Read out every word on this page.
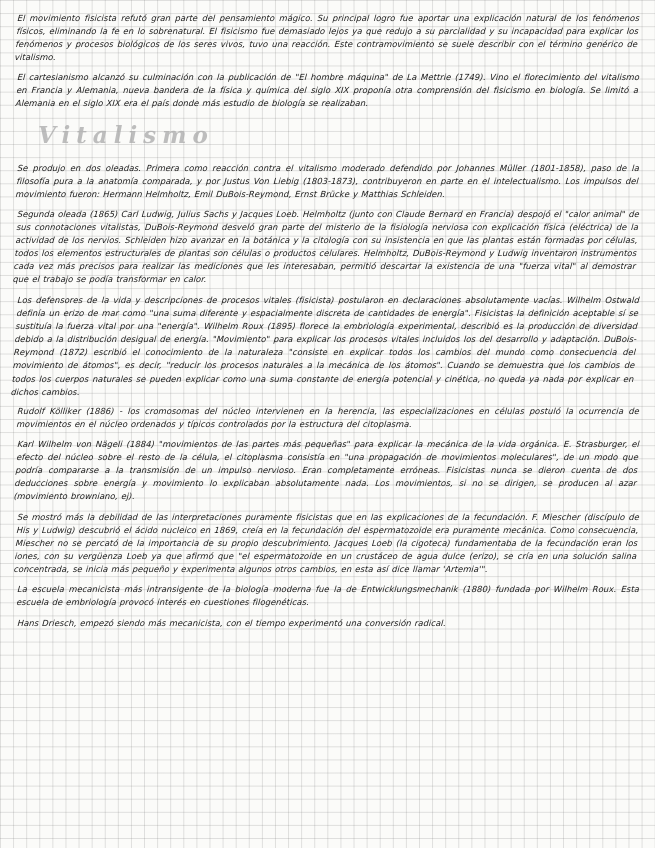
El movimiento fisicista refutó gran parte del pensamiento mágico. Su principal logro fue aportar una explicación natural de los fenómenos físicos, eliminando la fe en lo sobrenatural. El fisicismo fue demasiado lejos ya que redujo a su parcialidad y su incapacidad para explicar los fenómenos y procesos biológicos de los seres vivos, tuvo una reacción. Este contramovimiento se suele describir con el término genérico de vitalismo.

El cartesianismo alcanzó su culminación con la publicación de "El hombre máquina" de La Mettrie (1749). Vino el florecimiento del vitalismo en Francia y Alemania, nueva bandera de la física y química del siglo XIX proponía otra comprensión del fisicismo en biología. Se limitó a Alemania en el siglo XIX era el país donde más estudio de biología se realizaban.

Vitalismo

Se produjo en dos oleadas. Primera como reacción contra el vitalismo moderado defendido por Johannes Müller (1801-1858), paso de la filosofía pura a la anatomía comparada, y por Justus Von Liebig (1803-1873), contribuyeron en parte en el intelectualismo. Los impulsos del movimiento fueron: Hermann Helmholtz, Emil DuBois-Reymond, Ernst Brücke y Matthias Schleiden.

Segunda oleada (1865) Carl Ludwig, Julius Sachs y Jacques Loeb. Helmholtz (junto con Claude Bernard en Francia) despojó el "calor animal" de sus connotaciones vitalistas, DuBois-Reymond desveló gran parte del misterio de la fisiología nerviosa con explicación física (eléctrica) de la actividad de los nervios. Schleiden hizo avanzar en la botánica y la citología con su insistencia en que las plantas están formadas por células, todos los elementos estructurales de plantas son células o productos celulares. Helmholtz, DuBois-Reymond y Ludwig inventaron instrumentos cada vez más precisos para realizar las mediciones que les interesaban, permitió descartar la existencia de una "fuerza vital" al demostrar que el trabajo se podía transformar en calor.

Los defensores de la vida y descripciones de procesos vitales (fisicista) postularon en declaraciones absolutamente vacías. Wilhelm Ostwald definía un erizo de mar como "una suma diferente y espacialmente discreta de cantidades de energía". Fisicistas la definición aceptable sí se sustituía la fuerza vital por una "energía". Wilhelm Roux (1895) florece la embriología experimental, describió es la producción de diversidad debido a la distribución desigual de energía. "Movimiento" para explicar los procesos vitales incluidos los del desarrollo y adaptación. DuBois-Reymond (1872) escribió el conocimiento de la naturaleza "consiste en explicar todos los cambios del mundo como consecuencia del movimiento de átomos", es decir, "reducir los procesos naturales a la mecánica de los átomos". Cuando se demuestra que los cambios de todos los cuerpos naturales se pueden explicar como una suma constante de energía potencial y cinética, no queda ya nada por explicar en dichos cambios.

Rudolf Kölliker (1886) - los cromosomas del núcleo intervienen en la herencia, las especializaciones en células postuló la ocurrencia de movimientos en el núcleo ordenados y típicos controlados por la estructura del citoplasma.

Karl Wilhelm von Nägeli (1884) "movimientos de las partes más pequeñas" para explicar la mecánica de la vida orgánica. E. Strasburger, el efecto del núcleo sobre el resto de la célula, el citoplasma consistía en "una propagación de movimientos moleculares", de un modo que podría compararse a la transmisión de un impulso nervioso. Eran completamente erróneas. Fisicistas nunca se dieron cuenta de dos deducciones sobre energía y movimiento lo explicaban absolutamente nada. Los movimientos, si no se dirigen, se producen al azar (movimiento browniano, ej).

Se mostró más la debilidad de las interpretaciones puramente fisicistas que en las explicaciones de la fecundación. F. Miescher (discípulo de His y Ludwig) descubrió el ácido nucleico en 1869, creía en la fecundación del espermatozoide era puramente mecánica. Como consecuencia, Miescher no se percató de la importancia de su propio descubrimiento. Jacques Loeb (la cigoteca) fundamentaba de la fecundación eran los iones, con su vergüenza Loeb ya que afirmó que "el espermatozoide en un crustáceo de agua dulce (erizo), se cría en una solución salina concentrada, se inicia más pequeño y experimenta algunos otros cambios, en esta así dice llamar 'Artemia'".

La escuela mecanicista más intransigente de la biología moderna fue la de Entwicklungsmechanik (1880) fundada por Wilhelm Roux. Esta escuela de embriología provocó interés en cuestiones filogenéticas.

Hans Driesch, empezó siendo más mecanicista, con el tiempo experimentó una conversión radical.
